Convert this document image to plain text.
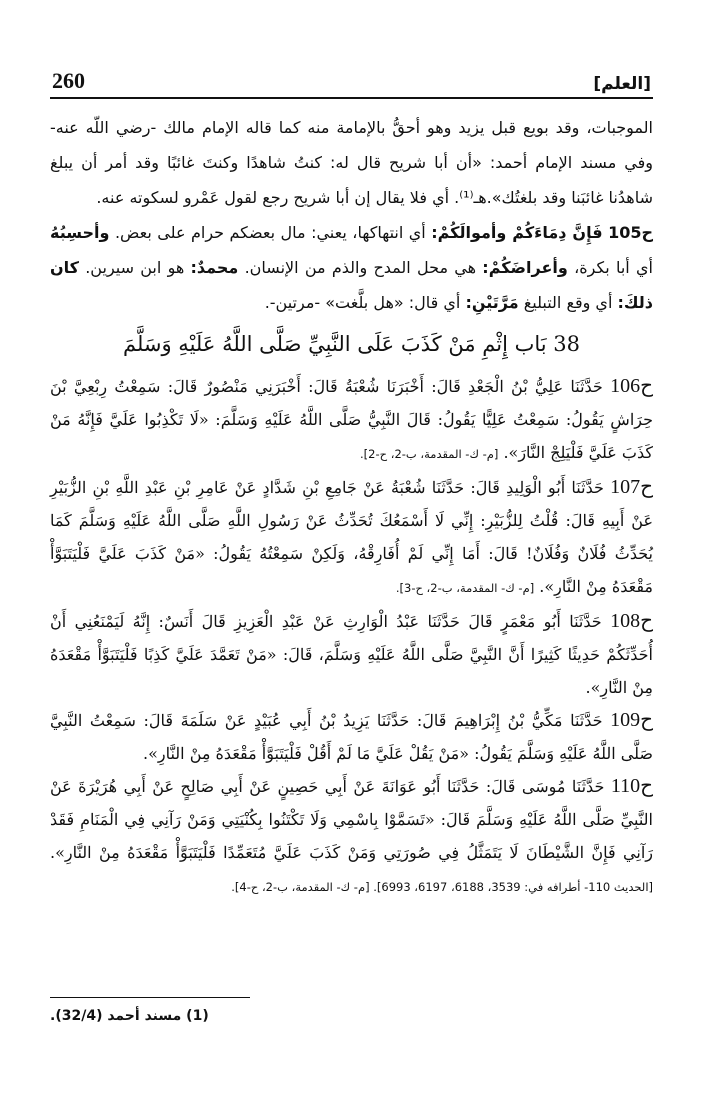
260	[العلم]

الموجبات، وقد بويع قبل يزيد وهو أحقُّ بالإمامة منه كما قاله الإمام مالك -رضي اللّه عنه- وفي مسند الإمام أحمد: «أن أبا شريح قال له: كنتُ شاهدًا وكنتَ غائبًا وقد أمر أن يبلغ شاهدُنا غائبَنا وقد بلغتُك».هـ⁽¹⁾. أي فلا يقال إن أبا شريح رجع لقول عَمْرو لسكوته عنه.

ح105 فَإِنَّ دِمَاءَكُمْ وأموالَكُمْ: أي انتهاكها، يعني: مال بعضكم حرام على بعض. وأحسِبُهُ أي أبا بكرة، وأعراضَكُمْ: هي محل المدح والذم من الإنسان. محمدٌ: هو ابن سيرين. كان ذلكَ: أي وقع التبليغ مَرَّتَيْنِ: أي قال: «هل بلَّغت» -مرتين-.

38 بَاب إِثْمِ مَنْ كَذَبَ عَلَى النَّبِيِّ صَلَّى اللَّهُ عَلَيْهِ وَسَلَّمَ

ح106 حَدَّثَنَا عَلِيُّ بْنُ الْجَعْدِ قَالَ: أَخْبَرَنَا شُعْبَةُ قَالَ: أَخْبَرَنِي مَنْصُورٌ قَالَ: سَمِعْتُ رِبْعِيَّ بْنَ حِرَاشٍ يَقُولُ: سَمِعْتُ عَلِيًّا يَقُولُ: قَالَ النَّبِيُّ صَلَّى اللَّهُ عَلَيْهِ وَسَلَّمَ: «لَا تَكْذِبُوا عَلَيَّ فَإِنَّهُ مَنْ كَذَبَ عَلَيَّ فَلْيَلِجْ النَّارَ». [م- ك- المقدمة، ب-2، ح-2].

ح107 حَدَّثَنَا أَبُو الْوَلِيدِ قَالَ: حَدَّثَنَا شُعْبَةُ عَنْ جَامِعِ بْنِ شَدَّادٍ عَنْ عَامِرِ بْنِ عَبْدِ اللَّهِ بْنِ الزُّبَيْرِ عَنْ أَبِيهِ قَالَ: قُلْتُ لِلزُّبَيْرِ: إِنِّي لَا أَسْمَعُكَ تُحَدِّثُ عَنْ رَسُولِ اللَّهِ صَلَّى اللَّهُ عَلَيْهِ وَسَلَّمَ كَمَا يُحَدِّثُ فُلَانٌ وَفُلَانٌ! قَالَ: أَمَا إِنِّي لَمْ أُفَارِقْهُ، وَلَكِنْ سَمِعْتُهُ يَقُولُ: «مَنْ كَذَبَ عَلَيَّ فَلْيَتَبَوَّأْ مَقْعَدَهُ مِنْ النَّارِ». [م- ك- المقدمة، ب-2، ح-3].

ح108 حَدَّثَنَا أَبُو مَعْمَرٍ قَالَ حَدَّثَنَا عَبْدُ الْوَارِثِ عَنْ عَبْدِ الْعَزِيزِ قَالَ أَنَسٌ: إِنَّهُ لَيَمْنَعُنِي أَنْ أُحَدِّثَكُمْ حَدِيثًا كَثِيرًا أَنَّ النَّبِيَّ صَلَّى اللَّهُ عَلَيْهِ وَسَلَّمَ، قَالَ: «مَنْ تَعَمَّدَ عَلَيَّ كَذِبًا فَلْيَتَبَوَّأْ مَقْعَدَهُ مِنْ النَّارِ».

ح109 حَدَّثَنَا مَكِّيُّ بْنُ إِبْرَاهِيمَ قَالَ: حَدَّثَنَا يَزِيدُ بْنُ أَبِي عُبَيْدٍ عَنْ سَلَمَةَ قَالَ: سَمِعْتُ النَّبِيَّ صَلَّى اللَّهُ عَلَيْهِ وَسَلَّمَ يَقُولُ: «مَنْ يَقُلْ عَلَيَّ مَا لَمْ أَقُلْ فَلْيَتَبَوَّأْ مَقْعَدَهُ مِنْ النَّارِ».

ح110 حَدَّثَنَا مُوسَى قَالَ: حَدَّثَنَا أَبُو عَوَانَةَ عَنْ أَبِي حَصِينٍ عَنْ أَبِي صَالِحٍ عَنْ أَبِي هُرَيْرَةَ عَنْ النَّبِيِّ صَلَّى اللَّهُ عَلَيْهِ وَسَلَّمَ قَالَ: «تَسَمَّوْا بِاسْمِي وَلَا تَكْتَنُوا بِكُنْيَتِي وَمَنْ رَآنِي فِي الْمَنَامِ فَقَدْ رَآنِي فَإِنَّ الشَّيْطَانَ لَا يَتَمَثَّلُ فِي صُورَتِي وَمَنْ كَذَبَ عَلَيَّ مُتَعَمِّدًا فَلْيَتَبَوَّأْ مَقْعَدَهُ مِنْ النَّارِ». [الحديث 110- أطرافه في: 3539، 6188، 6197، 6993]. [م- ك- المقدمة، ب-2، ح-4].

(1) مسند أحمد (32/4).
